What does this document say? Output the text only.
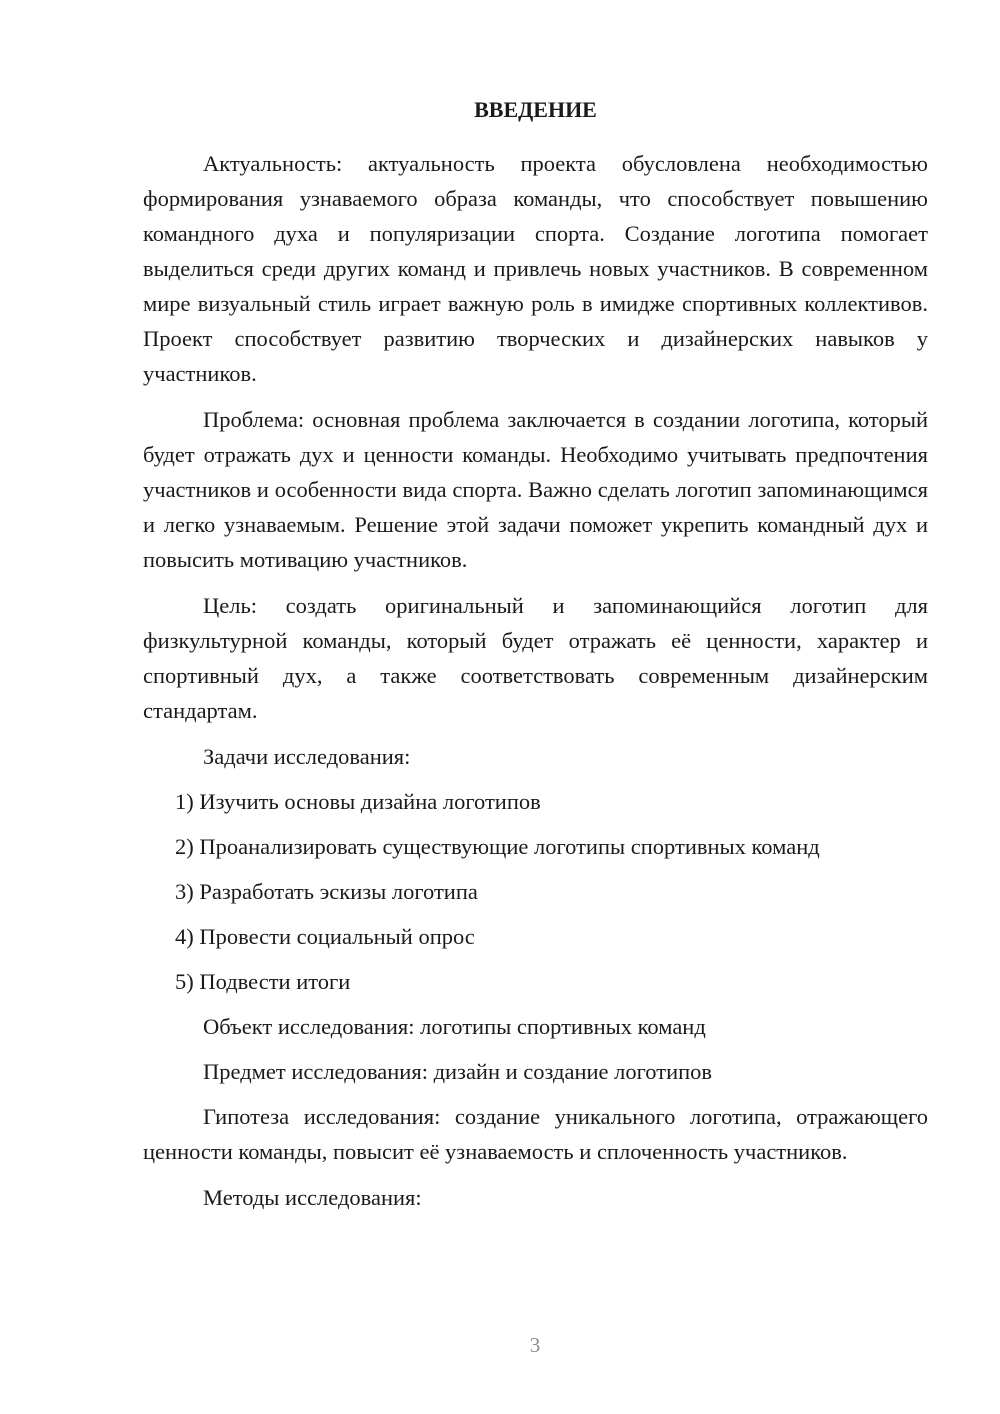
ВВЕДЕНИЕ

Актуальность: актуальность проекта обусловлена необходимостью формирования узнаваемого образа команды, что способствует повышению командного духа и популяризации спорта. Создание логотипа помогает выделиться среди других команд и привлечь новых участников. В современном мире визуальный стиль играет важную роль в имидже спортивных коллективов. Проект способствует развитию творческих и дизайнерских навыков у участников.

Проблема: основная проблема заключается в создании логотипа, который будет отражать дух и ценности команды. Необходимо учитывать предпочтения участников и особенности вида спорта. Важно сделать логотип запоминающимся и легко узнаваемым. Решение этой задачи поможет укрепить командный дух и повысить мотивацию участников.

Цель: создать оригинальный и запоминающийся логотип для физкультурной команды, который будет отражать её ценности, характер и спортивный дух, а также соответствовать современным дизайнерским стандартам.

Задачи исследования:

1) Изучить основы дизайна логотипов
2) Проанализировать существующие логотипы спортивных команд
3) Разработать эскизы логотипа
4) Провести социальный опрос
5) Подвести итоги

Объект исследования: логотипы спортивных команд

Предмет исследования: дизайн и создание логотипов

Гипотеза исследования: создание уникального логотипа, отражающего ценности команды, повысит её узнаваемость и сплоченность участников.

Методы исследования:

3
